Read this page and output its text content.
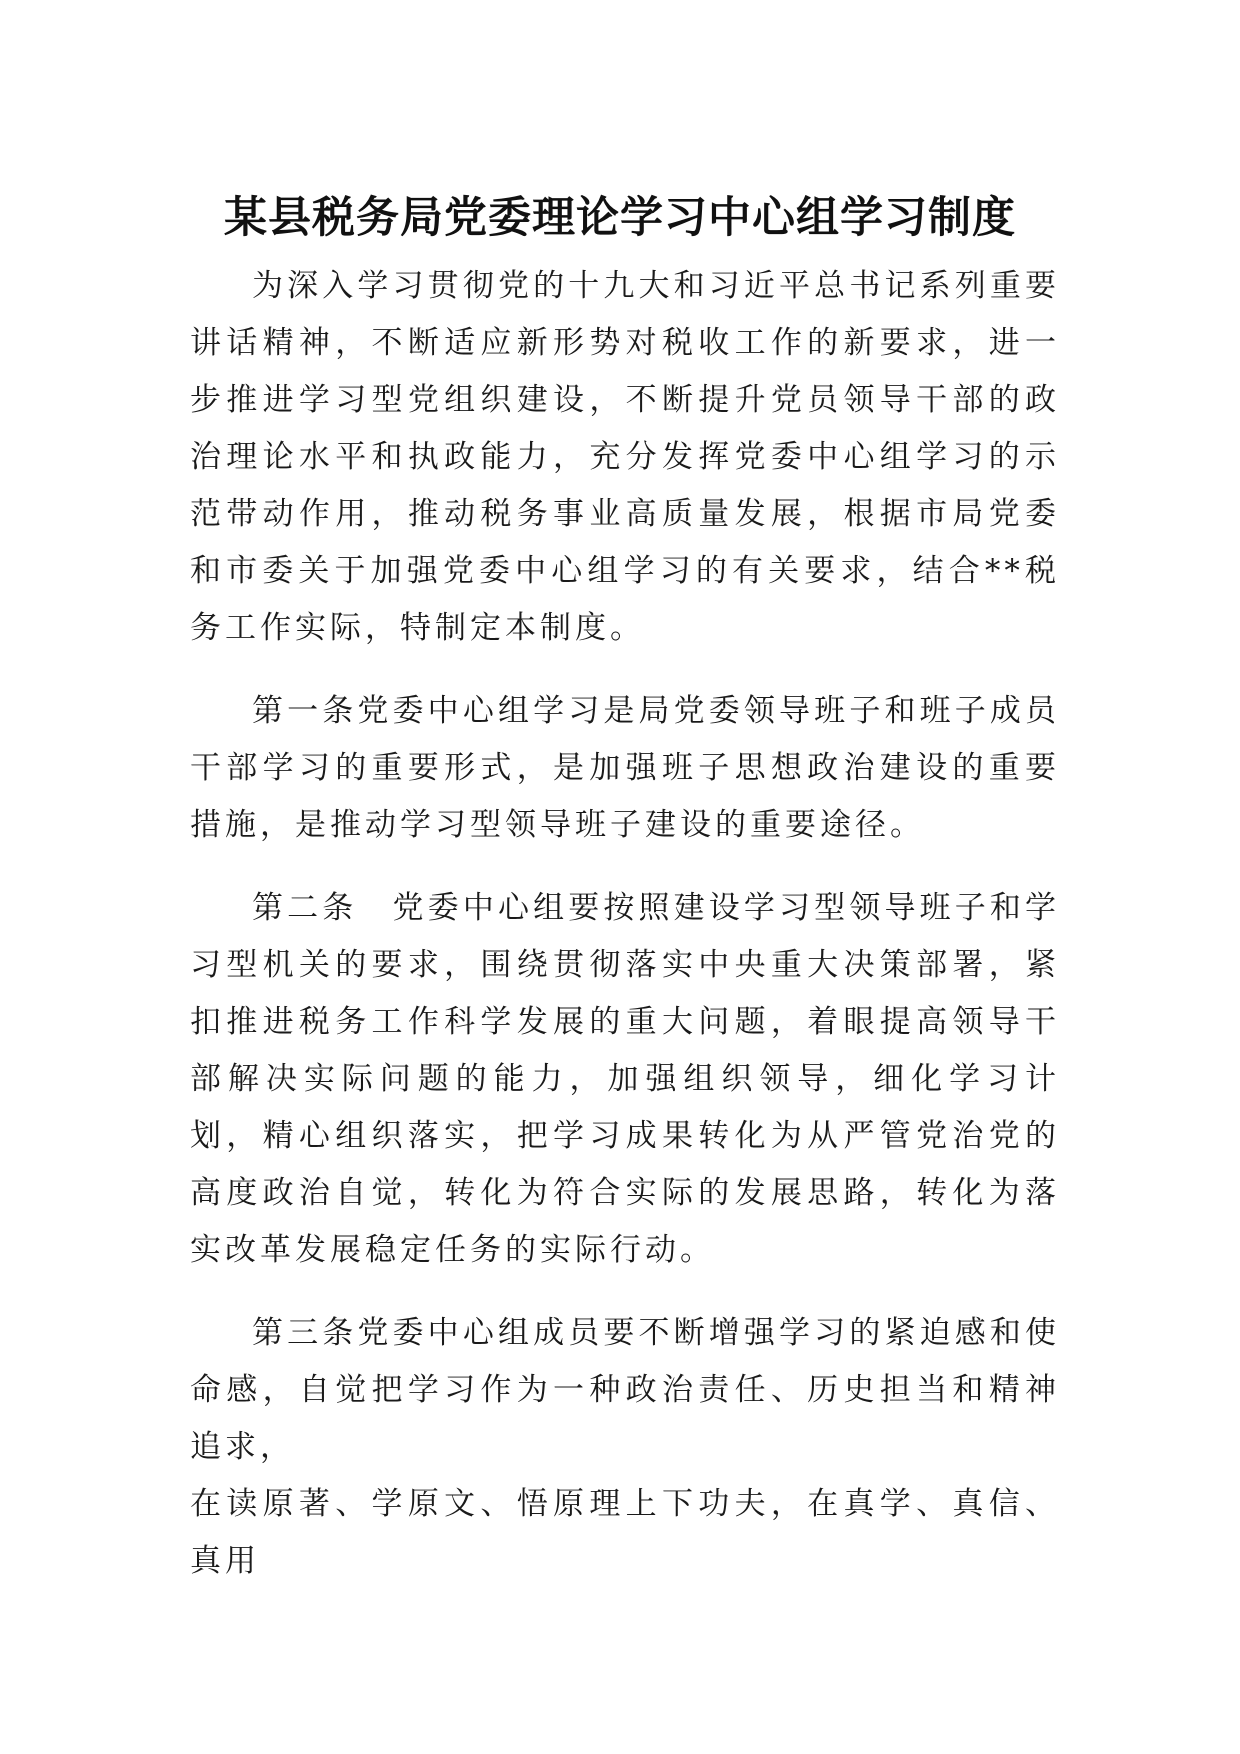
某县税务局党委理论学习中心组学习制度

为深入学习贯彻党的十九大和习近平总书记系列重要讲话精神，不断适应新形势对税收工作的新要求，进一步推进学习型党组织建设，不断提升党员领导干部的政治理论水平和执政能力，充分发挥党委中心组学习的示范带动作用，推动税务事业高质量发展，根据市局党委和市委关于加强党委中心组学习的有关要求，结合**税务工作实际，特制定本制度。

第一条党委中心组学习是局党委领导班子和班子成员干部学习的重要形式，是加强班子思想政治建设的重要措施，是推动学习型领导班子建设的重要途径。

第二条　党委中心组要按照建设学习型领导班子和学习型机关的要求，围绕贯彻落实中央重大决策部署，紧扣推进税务工作科学发展的重大问题，着眼提高领导干部解决实际问题的能力，加强组织领导，细化学习计划，精心组织落实，把学习成果转化为从严管党治党的高度政治自觉，转化为符合实际的发展思路，转化为落实改革发展稳定任务的实际行动。

第三条党委中心组成员要不断增强学习的紧迫感和使命感，自觉把学习作为一种政治责任、历史担当和精神追求，

在读原著、学原文、悟原理上下功夫，在真学、真信、真用
